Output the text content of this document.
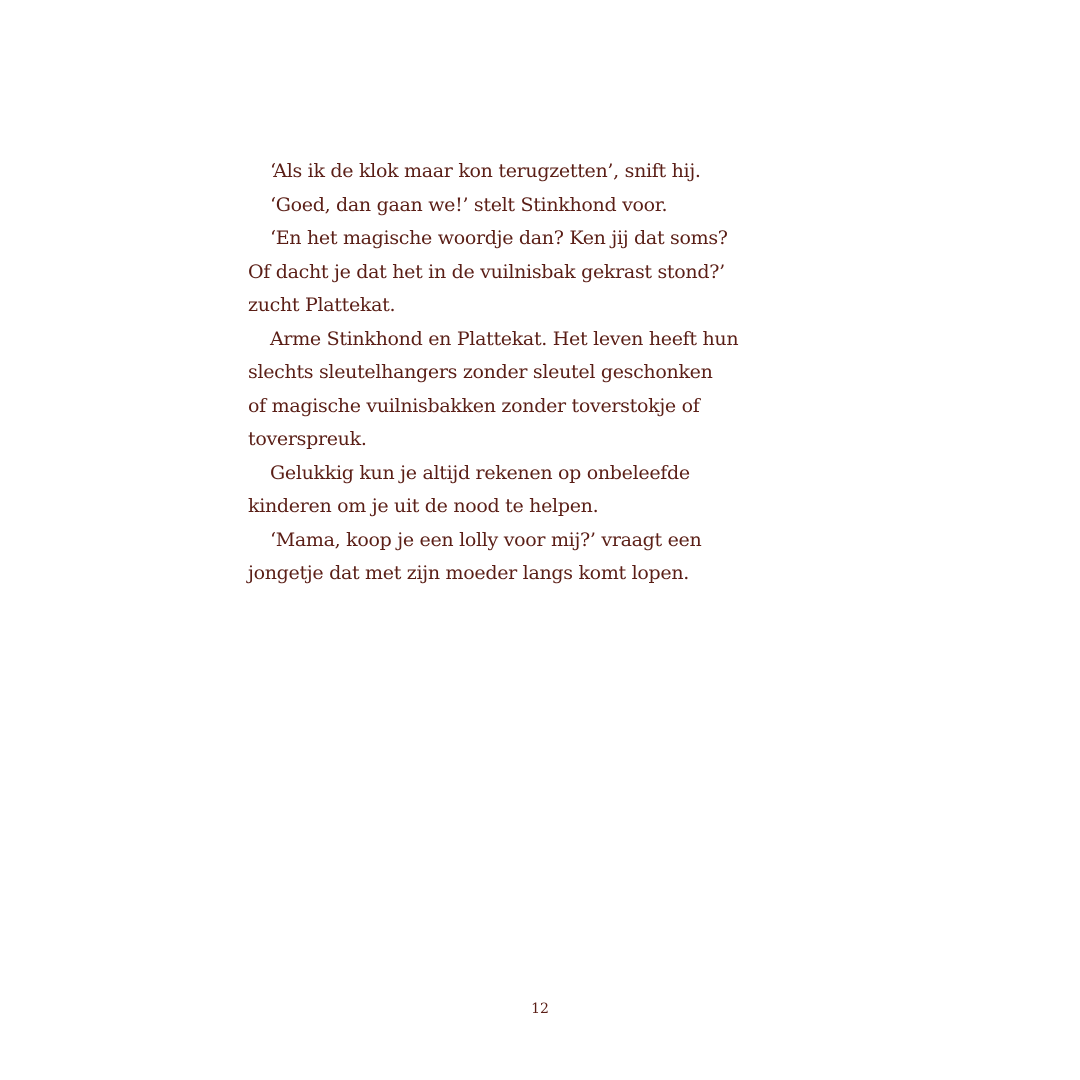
‘Als ik de klok maar kon terugzetten’, snift hij.

‘Goed, dan gaan we!’ stelt Stinkhond voor.

‘En het magische woordje dan? Ken jij dat soms?
Of dacht je dat het in de vuilnisbak gekrast stond?’
zucht Plattekat.

Arme Stinkhond en Plattekat. Het leven heeft hun
slechts sleutelhangers zonder sleutel geschonken
of magische vuilnisbakken zonder toverstokje of
toverspreuk.

Gelukkig kun je altijd rekenen op onbeleefde
kinderen om je uit de nood te helpen.

‘Mama, koop je een lolly voor mij?’ vraagt een
jongetje dat met zijn moeder langs komt lopen.

12
